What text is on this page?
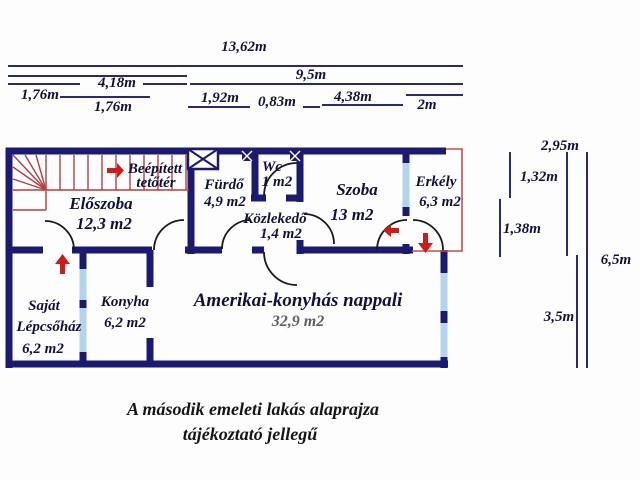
13,62m
9,5m
4,18m
1,76m
1,76m
1,92m 0,83m	4,38m	2m
2,95m
1,32m
1,38m
6,5m
3,5m
Beépített
tetőtér
Előszoba
12,3 m2
Fürdő
4,9 m2
Wc
1 m2
Közlekedő
1,4 m2
Szoba
13 m2
Erkély
6,3 m2
Saját
Lépcsőház
6,2 m2
Konyha
6,2 m2
Amerikai-konyhás nappali
32,9 m2
A második emeleti lakás alaprajza
tájékoztató jellegű
